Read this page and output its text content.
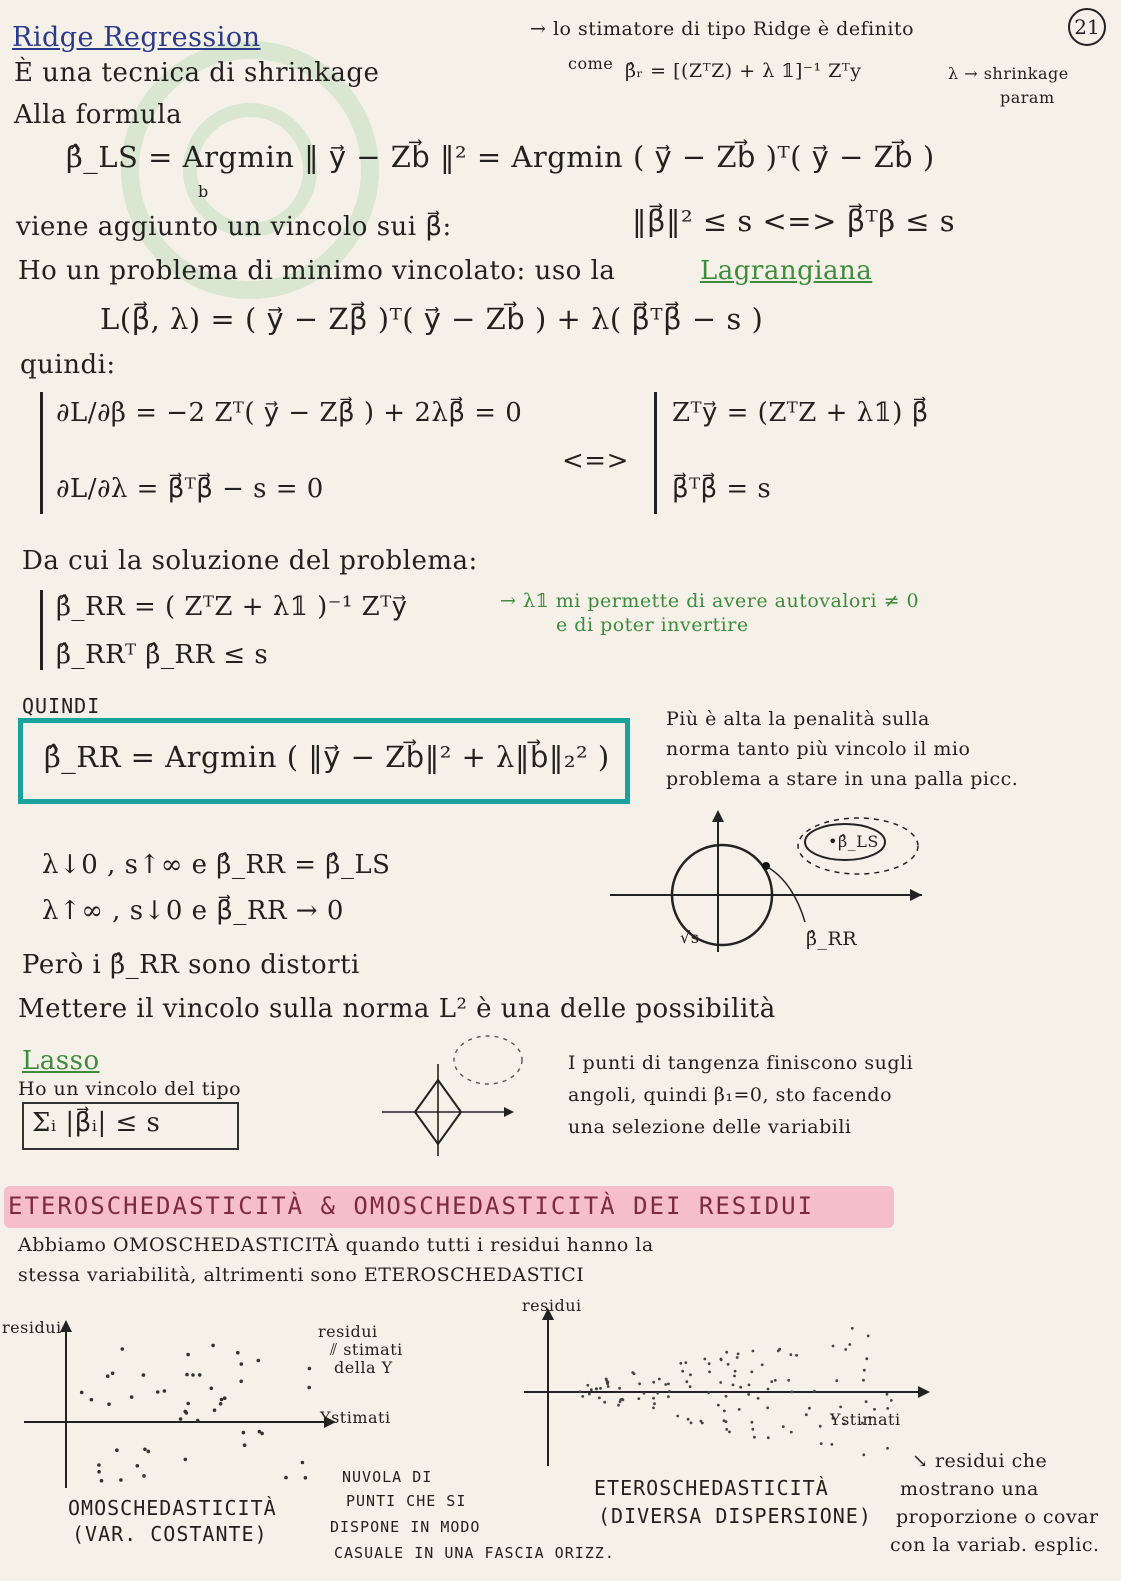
21
→ lo stimatore di tipo Ridge è definito
come β̂ᵣ = [(ZᵀZ) + λ 𝟙]⁻¹ Zᵀy	λ → shrinkage
param
Ridge Regression
È una tecnica di shrinkage
Alla formula
β̂_LS = Argmin ‖ y⃗ − Zb⃗ ‖² = Argmin ( y⃗ − Zb⃗ )ᵀ( y⃗ − Zb⃗ )
b
viene aggiunto un vincolo sui β⃗:	‖β⃗‖² ≤ s <=> β⃗ᵀβ ≤ s
Ho un problema di minimo vincolato: uso la	Lagrangiana
L(β⃗, λ) = ( y⃗ − Zβ⃗ )ᵀ( y⃗ − Zb⃗ ) + λ( β⃗ᵀβ⃗ − s )
quindi:
∂L/∂β = −2 Zᵀ( y⃗ − Zβ⃗ ) + 2λβ⃗ = 0
∂L/∂λ = β⃗ᵀβ⃗ − s = 0
<=>
Zᵀy⃗ = (ZᵀZ + λ𝟙) β⃗
β⃗ᵀβ⃗ = s
Da cui la soluzione del problema:
β̂_RR = ( ZᵀZ + λ𝟙 )⁻¹ Zᵀy⃗
β̂_RRᵀ β̂_RR ≤ s
→ λ𝟙 mi permette di avere autovalori ≠ 0
e di poter invertire
QUINDI
β̂_RR = Argmin ( ‖y⃗ − Zb⃗‖² + λ‖b⃗‖₂² )
Più è alta la penalità sulla
norma tanto più vincolo il mio
problema a stare in una palla picc.
λ↓0 , s↑∞ e β̂_RR = β̂_LS
λ↑∞ , s↓0 e β⃗_RR → 0
•β̂_LS
β̂_RR
√s
Però i β̂_RR sono distorti
Mettere il vincolo sulla norma L² è una delle possibilità
Lasso
Ho un vincolo del tipo
Σᵢ |β⃗ᵢ| ≤ s
I punti di tangenza finiscono sugli
angoli, quindi β₁=0, sto facendo
una selezione delle variabili
ETEROSCHEDASTICITÀ & OMOSCHEDASTICITÀ DEI RESIDUI
Abbiamo OMOSCHEDASTICITÀ quando tutti i residui hanno la
stessa variabilità, altrimenti sono ETEROSCHEDASTICI
residui
Ystimati
residui
⫽ stimati
della Y
OMOSCHEDASTICITÀ
(VAR. COSTANTE)
NUVOLA DI
PUNTI CHE SI
DISPONE IN MODO
CASUALE IN UNA FASCIA ORIZZ.
residui
Ystimati
ETEROSCHEDASTICITÀ
(DIVERSA DISPERSIONE)
↘ residui che
mostrano una
proporzione o covar
con la variab. esplic.
